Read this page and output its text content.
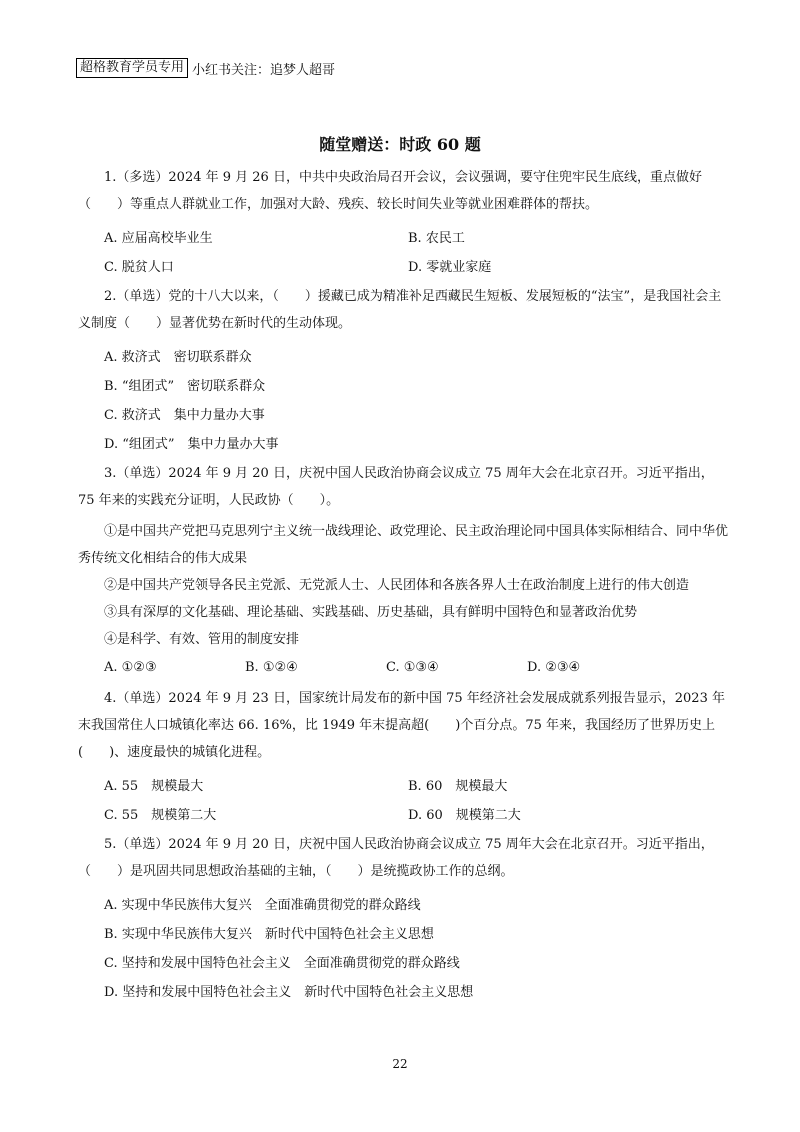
超格教育学员专用 小红书关注：追梦人超哥
随堂赠送：时政 60 题

1.（多选）2024 年 9 月 26 日，中共中央政治局召开会议，会议强调，要守住兜牢民生底线，重点做好（　　）等重点人群就业工作，加强对大龄、残疾、较长时间失业等就业困难群体的帮扶。

A. 应届高校毕业生	B. 农民工
C. 脱贫人口	D. 零就业家庭

2.（单选）党的十八大以来，（　　）援藏已成为精准补足西藏民生短板、发展短板的“法宝”，是我国社会主义制度（　　）显著优势在新时代的生动体现。

A. 救济式　密切联系群众
B. “组团式”　密切联系群众
C. 救济式　集中力量办大事
D. “组团式”　集中力量办大事

3.（单选）2024 年 9 月 20 日，庆祝中国人民政治协商会议成立 75 周年大会在北京召开。习近平指出，75 年来的实践充分证明，人民政协（　　）。

①是中国共产党把马克思列宁主义统一战线理论、政党理论、民主政治理论同中国具体实际相结合、同中华优秀传统文化相结合的伟大成果

②是中国共产党领导各民主党派、无党派人士、人民团体和各族各界人士在政治制度上进行的伟大创造

③具有深厚的文化基础、理论基础、实践基础、历史基础，具有鲜明中国特色和显著政治优势

④是科学、有效、管用的制度安排

A. ①②③	B. ①②④	C. ①③④	D. ②③④

4.（单选）2024 年 9 月 23 日，国家统计局发布的新中国 75 年经济社会发展成就系列报告显示，2023 年末我国常住人口城镇化率达 66. 16%，比 1949 年末提高超(　　)个百分点。75 年来，我国经历了世界历史上(　　)、速度最快的城镇化进程。

A. 55　规模最大	B. 60　规模最大
C. 55　规模第二大	D. 60　规模第二大

5.（单选）2024 年 9 月 20 日，庆祝中国人民政治协商会议成立 75 周年大会在北京召开。习近平指出，（　　）是巩固共同思想政治基础的主轴，（　　）是统揽政协工作的总纲。

A. 实现中华民族伟大复兴　全面准确贯彻党的群众路线
B. 实现中华民族伟大复兴　新时代中国特色社会主义思想
C. 坚持和发展中国特色社会主义　全面准确贯彻党的群众路线
D. 坚持和发展中国特色社会主义　新时代中国特色社会主义思想
22
